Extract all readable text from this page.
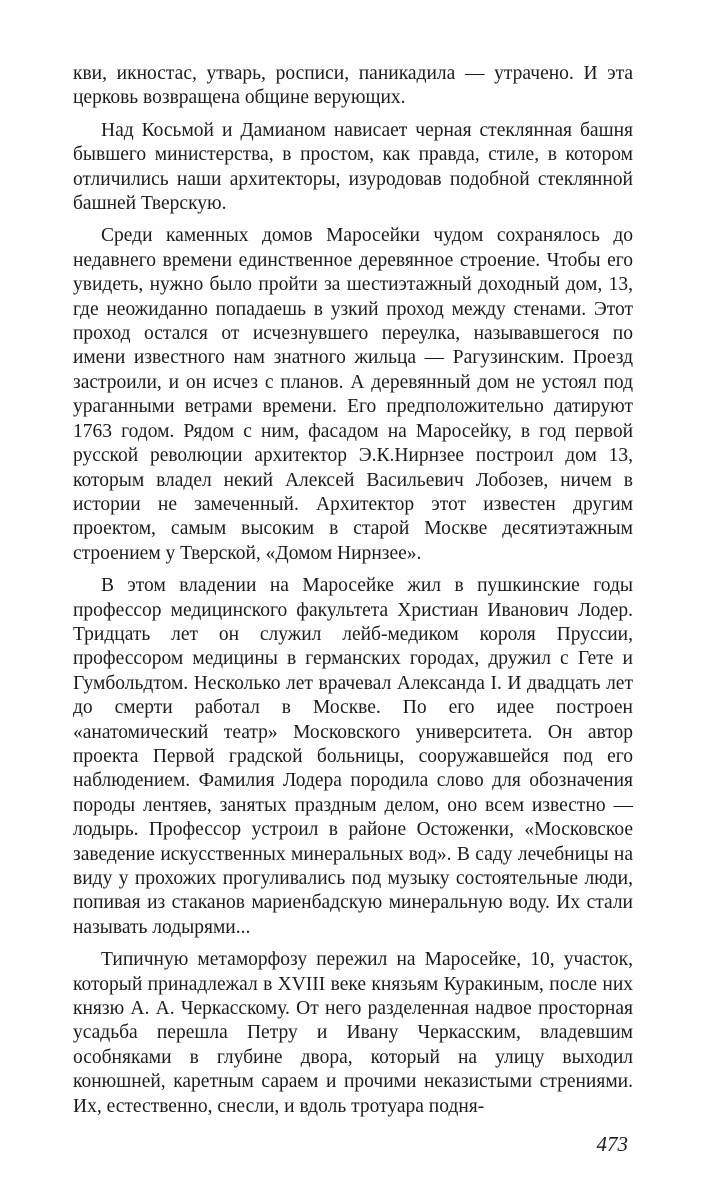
кви, икностас, утварь, росписи, паникадила — утрачено. И эта церковь возвращена общине верующих.

Над Косьмой и Дамианом нависает черная стеклянная башня бывшего министерства, в простом, как правда, стиле, в котором отличились наши архитекторы, изуродовав подобной стеклянной башней Тверскую.

Среди каменных домов Маросейки чудом сохранялось до недавнего времени единственное деревянное строение. Чтобы его увидеть, нужно было пройти за шестиэтажный доходный дом, 13, где неожиданно попадаешь в узкий проход между стенами. Этот проход остался от исчезнувшего переулка, называвшегося по имени известного нам знатного жильца — Рагузинским. Проезд застроили, и он исчез с планов. А деревянный дом не устоял под ураганными ветрами времени. Его предположительно датируют 1763 годом. Рядом с ним, фасадом на Маросейку, в год первой русской революции архитектор Э.К.Нирнзее построил дом 13, которым владел некий Алексей Васильевич Лобозев, ничем в истории не замеченный. Архитектор этот известен другим проектом, самым высоким в старой Москве десятиэтажным строением у Тверской, «Домом Нирнзее».

В этом владении на Маросейке жил в пушкинские годы профессор медицинского факультета Христиан Иванович Лодер. Тридцать лет он служил лейб-медиком короля Пруссии, профессором медицины в германских городах, дружил с Гете и Гумбольдтом. Несколько лет врачевал Александа I. И двадцать лет до смерти работал в Москве. По его идее построен «анатомический театр» Московского университета. Он автор проекта Первой градской больницы, сооружавшейся под его наблюдением. Фамилия Лодера породила слово для обозначения породы лентяев, занятых праздным делом, оно всем известно — лодырь. Профессор устроил в районе Остоженки, «Московское заведение искусственных минеральных вод». В саду лечебницы на виду у прохожих прогуливались под музыку состоятельные люди, попивая из стаканов мариенбадскую минеральную воду. Их стали называть лодырями...

Типичную метаморфозу пережил на Маросейке, 10, участок, который принадлежал в XVIII веке князьям Куракиным, после них князю А. А. Черкасскому. От него разделенная надвое просторная усадьба перешла Петру и Ивану Черкасским, владевшим особняками в глубине двора, который на улицу выходил конюшней, каретным сараем и прочими неказистыми стрениями. Их, естественно, снесли, и вдоль тротуара подня-

473
